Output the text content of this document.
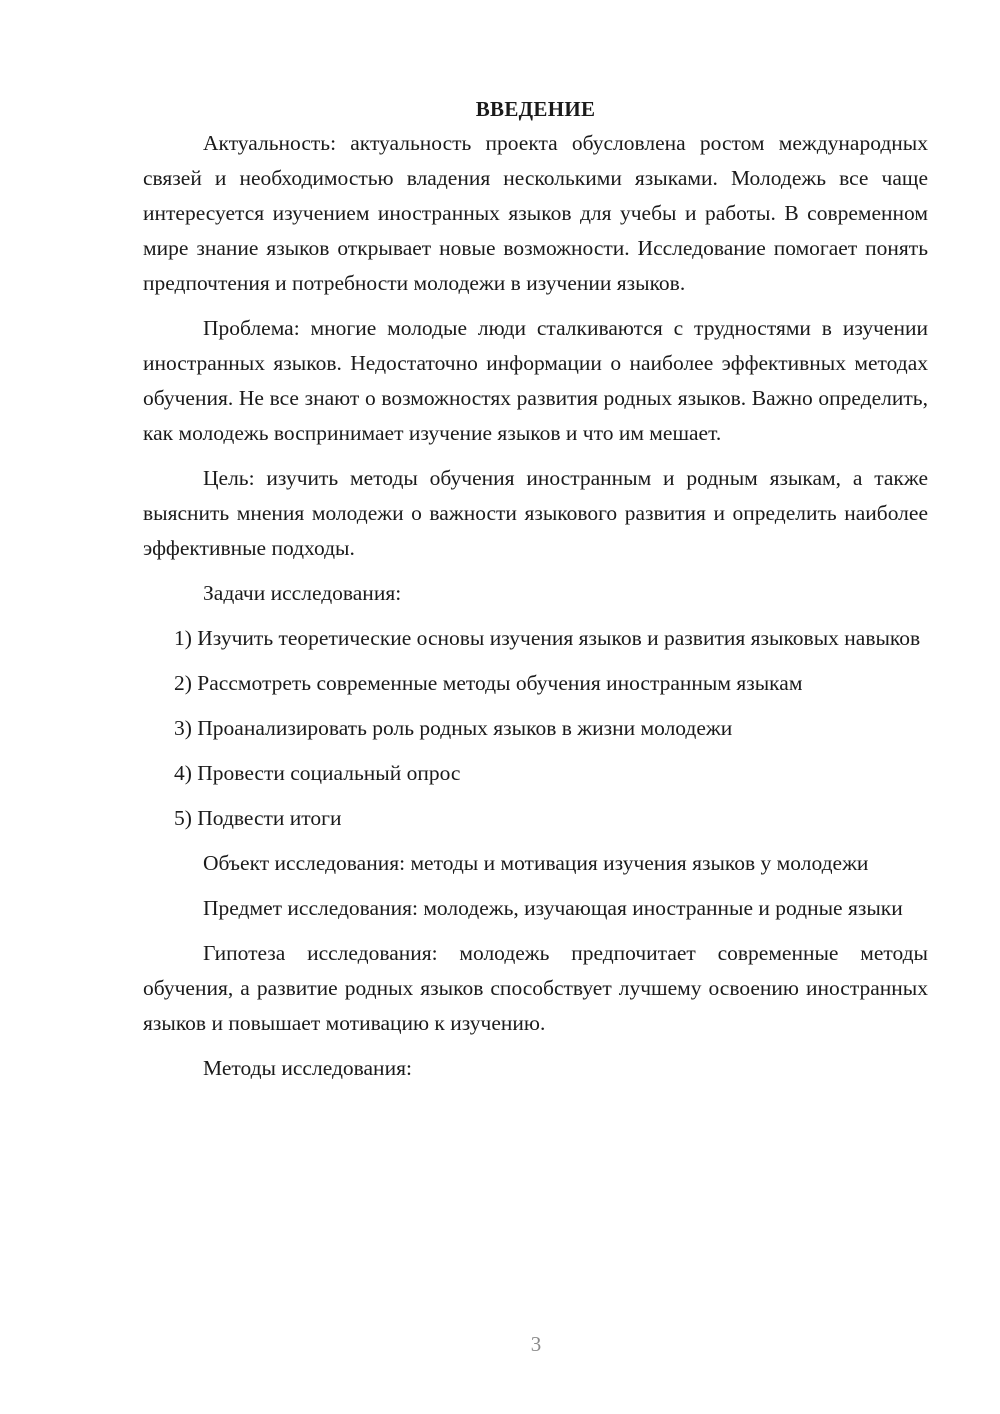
ВВЕДЕНИЕ

Актуальность: актуальность проекта обусловлена ростом международных связей и необходимостью владения несколькими языками. Молодежь все чаще интересуется изучением иностранных языков для учебы и работы. В современном мире знание языков открывает новые возможности. Исследование помогает понять предпочтения и потребности молодежи в изучении языков.

Проблема: многие молодые люди сталкиваются с трудностями в изучении иностранных языков. Недостаточно информации о наиболее эффективных методах обучения. Не все знают о возможностях развития родных языков. Важно определить, как молодежь воспринимает изучение языков и что им мешает.

Цель: изучить методы обучения иностранным и родным языкам, а также выяснить мнения молодежи о важности языкового развития и определить наиболее эффективные подходы.

Задачи исследования:

1) Изучить теоретические основы изучения языков и развития языковых навыков

2) Рассмотреть современные методы обучения иностранным языкам

3) Проанализировать роль родных языков в жизни молодежи

4) Провести социальный опрос

5) Подвести итоги

Объект исследования: методы и мотивация изучения языков у молодежи

Предмет исследования: молодежь, изучающая иностранные и родные языки

Гипотеза исследования: молодежь предпочитает современные методы обучения, а развитие родных языков способствует лучшему освоению иностранных языков и повышает мотивацию к изучению.

Методы исследования:

3
